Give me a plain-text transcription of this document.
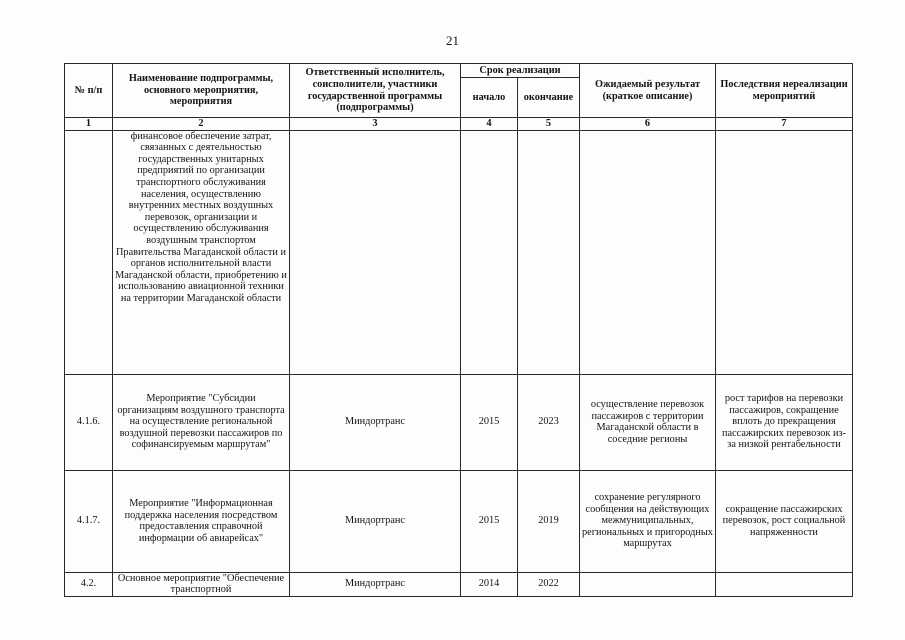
21
№ п/п	Наименование подпрограммы, основного мероприятия, мероприятия	Ответственный исполнитель, соисполнители, участники государственной программы (подпрограммы)	Срок реализации		Ожидаемый результат (краткое описание)	Последствия нереализации мероприятий
			начало	окончание		
1	2	3	4	5	6	7
	финансовое обеспечение затрат, связанных с деятельностью государственных унитарных предприятий по организации транспортного обслуживания населения, осуществлению внутренних местных воздушных перевозок, организации и осуществлению обслуживания воздушным транспортом Правительства Магаданской области и органов исполнительной власти Магаданской области, приобретению и использованию авиационной техники на территории Магаданской области					
4.1.6.	Мероприятие "Субсидии организациям воздушного транспорта на осуществление региональной воздушной перевозки пассажиров по софинансируемым маршрутам"	Миндортранс	2015	2023	осуществление перевозок пассажиров с территории Магаданской области в соседние регионы	рост тарифов на перевозки пассажиров, сокращение вплоть до прекращения пассажирских перевозок из-за низкой рентабельности
4.1.7.	Мероприятие "Информационная поддержка населения посредством предоставления справочной информации об авиарейсах"	Миндортранс	2015	2019	сохранение регулярного сообщения на действующих межмуниципальных, региональных и пригородных маршрутах	сокращение пассажирских перевозок, рост социальной напряженности
4.2.	Основное мероприятие "Обеспечение транспортной	Миндортранс	2014	2022		
